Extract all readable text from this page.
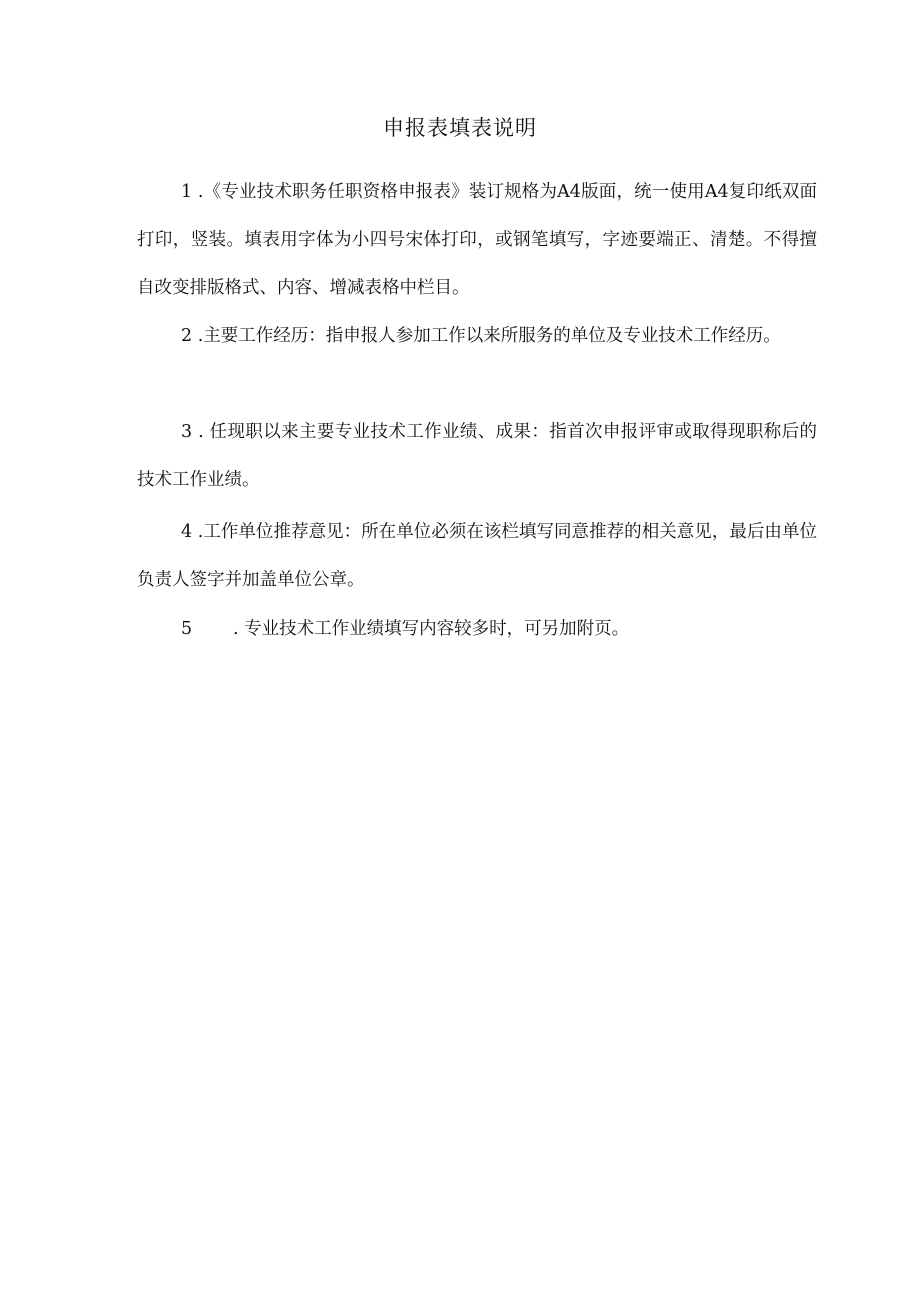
申报表填表说明

1 .《专业技术职务任职资格申报表》装订规格为A4版面，统一使用A4复印纸双面打印，竖装。填表用字体为小四号宋体打印，或钢笔填写，字迹要端正、清楚。不得擅自改变排版格式、内容、增减表格中栏目。

2 .主要工作经历：指申报人参加工作以来所服务的单位及专业技术工作经历。

3 . 任现职以来主要专业技术工作业绩、成果：指首次申报评审或取得现职称后的技术工作业绩。

4 .工作单位推荐意见：所在单位必须在该栏填写同意推荐的相关意见，最后由单位负责人签字并加盖单位公章。

5 . 专业技术工作业绩填写内容较多时，可另加附页。
